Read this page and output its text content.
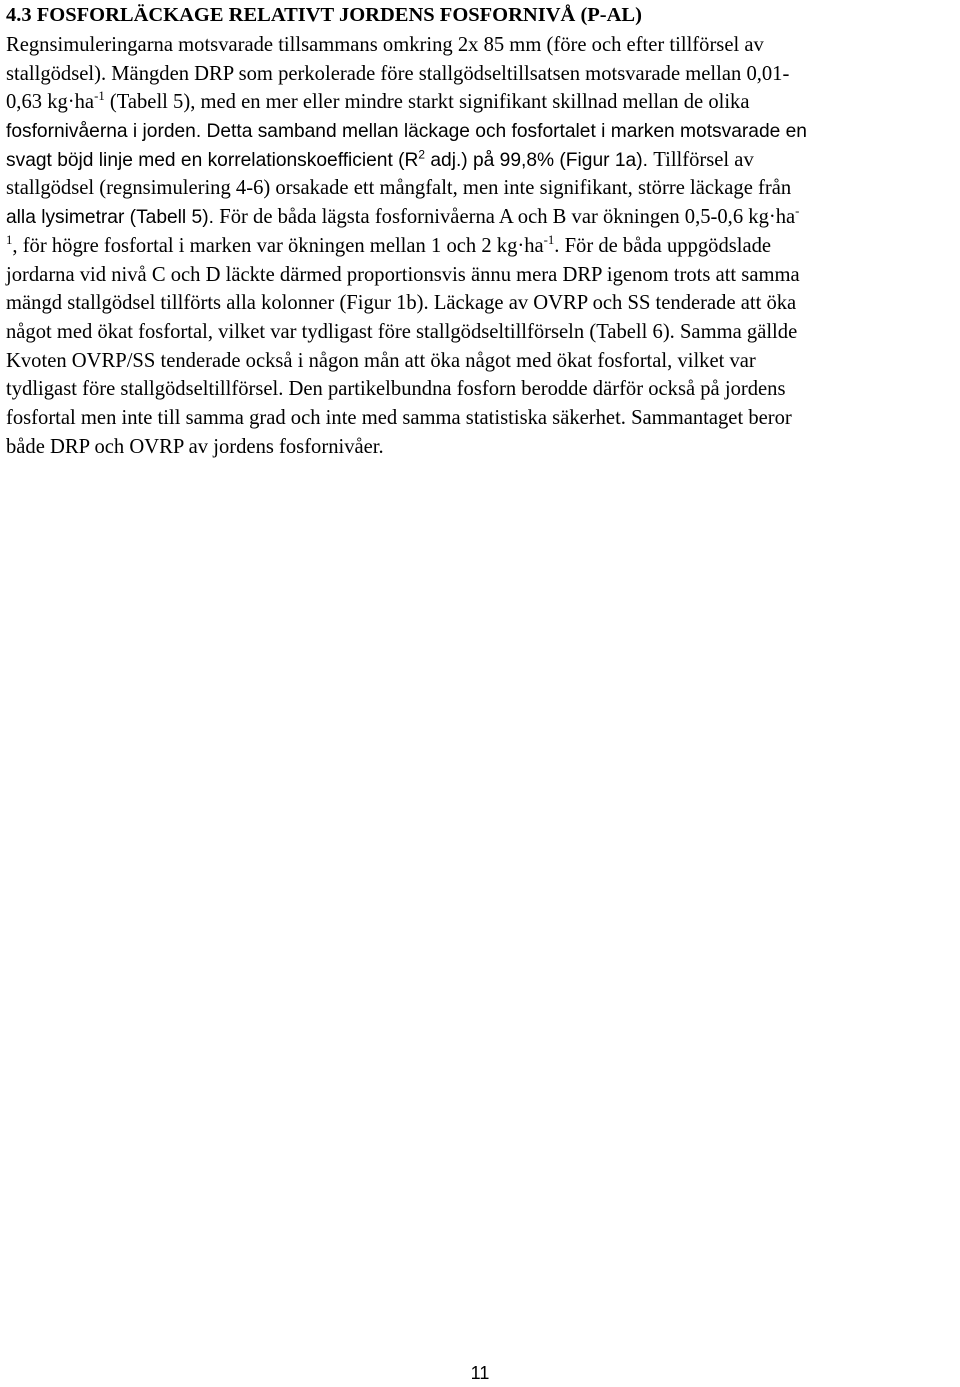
4.3 FOSFORLÄCKAGE RELATIVT JORDENS FOSFORNIVÅ (P-AL)
Regnsimuleringarna motsvarade tillsammans omkring 2x 85 mm (före och efter tillförsel av
stallgödsel). Mängden DRP som perkolerade före stallgödseltillsatsen motsvarade mellan 0,01-
0,63 $kg\cdot ha^{-1}$ (Tabell 5), med en mer eller mindre starkt signifikant skillnad mellan de olika
fosfornivåerna i jorden. Detta samband mellan läckage och fosfortalet i marken motsvarade en
svagt böjd linje med en korrelationskoefficient ($R^2$ adj.) på 99,8% (Figur 1a). Tillförsel av
stallgödsel (regnsimulering 4-6) orsakade ett mångfalt, men inte signifikant, större läckage från
alla lysimetrar (Tabell 5). För de båda lägsta fosfornivåerna A och B var ökningen 0,5-0,6 kg·ha-
$^1$, för högre fosfortal i marken var ökningen mellan 1 och 2 $kg\cdot ha^{-1}$. För de båda uppgödslade
jordarna vid nivå C och D läckte därmed proportionsvis ännu mera DRP igenom trots att samma
mängd stallgödsel tillförts alla kolonner (Figur 1b). Läckage av OVRP och SS tenderade att öka
något med ökat fosfortal, vilket var tydligast före stallgödseltillförseln (Tabell 6). Samma gällde
Kvoten OVRP/SS tenderade också i någon mån att öka något med ökat fosfortal, vilket var
tydligast före stallgödseltillförsel. Den partikelbundna fosforn berodde därför också på jordens
fosfortal men inte till samma grad och inte med samma statistiska säkerhet. Sammantaget beror
både DRP och OVRP av jordens fosfornivåer.
11
